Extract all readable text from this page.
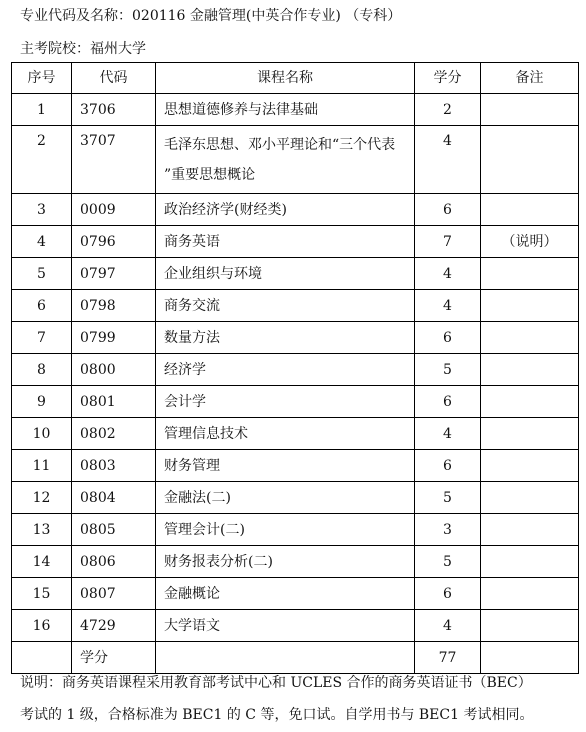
专业代码及名称：020116 金融管理(中英合作专业) （专科）
主考院校：福州大学
序号	代码	课程名称	学分	备注
1	3706	思想道德修养与法律基础	2	
2	3707	毛泽东思想、邓小平理论和“三个代表 ”重要思想概论	4	
3	0009	政治经济学(财经类)	6	
4	0796	商务英语	7	（说明）
5	0797	企业组织与环境	4	
6	0798	商务交流	4	
7	0799	数量方法	6	
8	0800	经济学	5	
9	0801	会计学	6	
10	0802	管理信息技术	4	
11	0803	财务管理	6	
12	0804	金融法(二)	5	
13	0805	管理会计(二)	3	
14	0806	财务报表分析(二)	5	
15	0807	金融概论	6	
16	4729	大学语文	4	
	学分		77	
说明：商务英语课程采用教育部考试中心和 UCLES 合作的商务英语证书（BEC）
考试的 1 级，合格标准为 BEC1 的 C 等，免口试。自学用书与 BEC1 考试相同。
